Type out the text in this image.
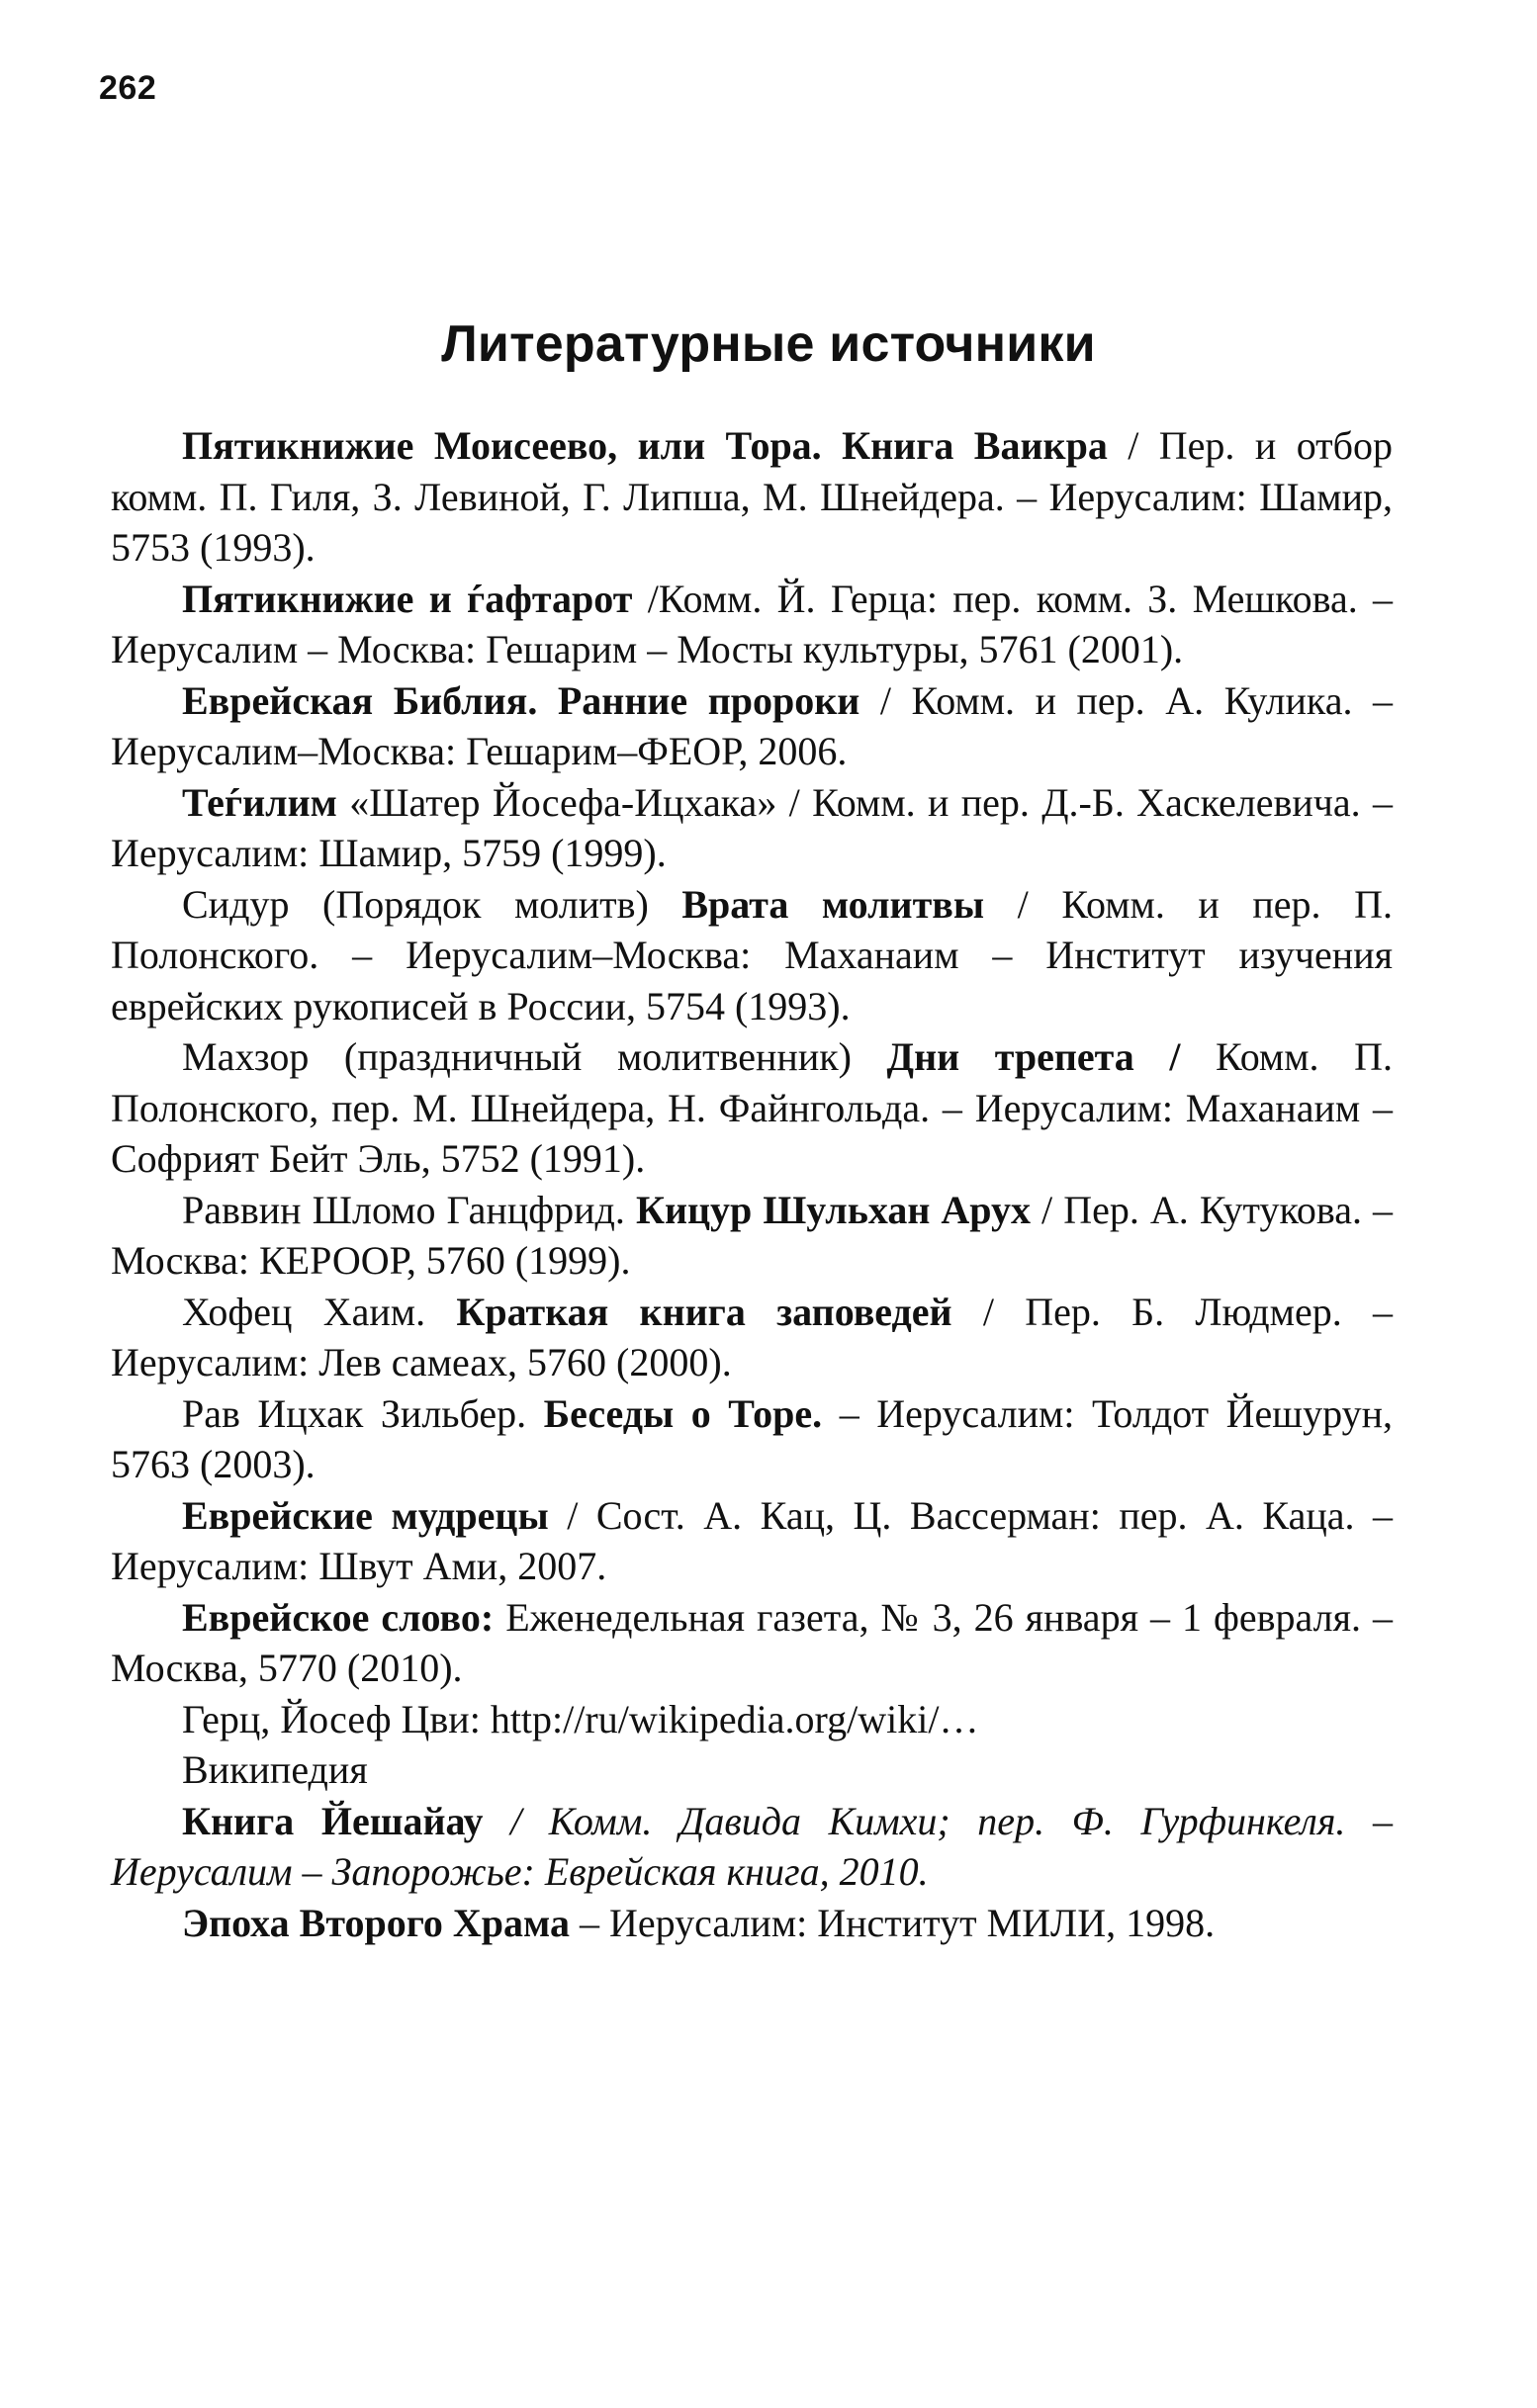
262
Литературные источники

Пятикнижие Моисеево, или Тора. Книга Ваикра / Пер. и отбор комм. П. Гиля, З. Левиной, Г. Липша, М. Шнейдера. – Иерусалим: Шамир, 5753 (1993).

Пятикнижие и ѓафтарот /Комм. Й. Герца: пер. комм. З. Мешкова. – Иерусалим – Москва: Гешарим – Мосты культуры, 5761 (2001).

Еврейская Библия. Ранние пророки / Комм. и пер. А. Кулика. – Иерусалим–Москва: Гешарим–ФЕОР, 2006.

Теѓилим «Шатер Йосефа-Ицхака» / Комм. и пер. Д.-Б. Хаскелевича. – Иерусалим: Шамир, 5759 (1999).

Сидур (Порядок молитв) Врата молитвы / Комм. и пер. П. Полонского. – Иерусалим–Москва: Маханаим – Институт изучения еврейских рукописей в России, 5754 (1993).

Махзор (праздничный молитвенник) Дни трепета / Комм. П. Полонского, пер. М. Шнейдера, Н. Файнгольда. – Иерусалим: Маханаим – Софрият Бейт Эль, 5752 (1991).

Раввин Шломо Ганцфрид. Кицур Шульхан Арух / Пер. А. Кутукова. – Москва: КЕРООР, 5760 (1999).

Хофец Хаим. Краткая книга заповедей / Пер. Б. Людмер. – Иерусалим: Лев самеах, 5760 (2000).

Рав Ицхак Зильбер. Беседы о Торе. – Иерусалим: Толдот Йешурун, 5763 (2003).

Еврейские мудрецы / Сост. А. Кац, Ц. Вассерман: пер. А. Каца. – Иерусалим: Швут Ами, 2007.

Еврейское слово: Еженедельная газета, № 3, 26 января – 1 февраля. – Москва, 5770 (2010).

Герц, Йосеф Цви: http://ru/wikipedia.org/wiki/…

Википедия

Книга Йешайау / Комм. Давида Кимхи; пер. Ф. Гурфинкеля. – Иерусалим – Запорожье: Еврейская книга, 2010.

Эпоха Второго Храма – Иерусалим: Институт МИЛИ, 1998.
